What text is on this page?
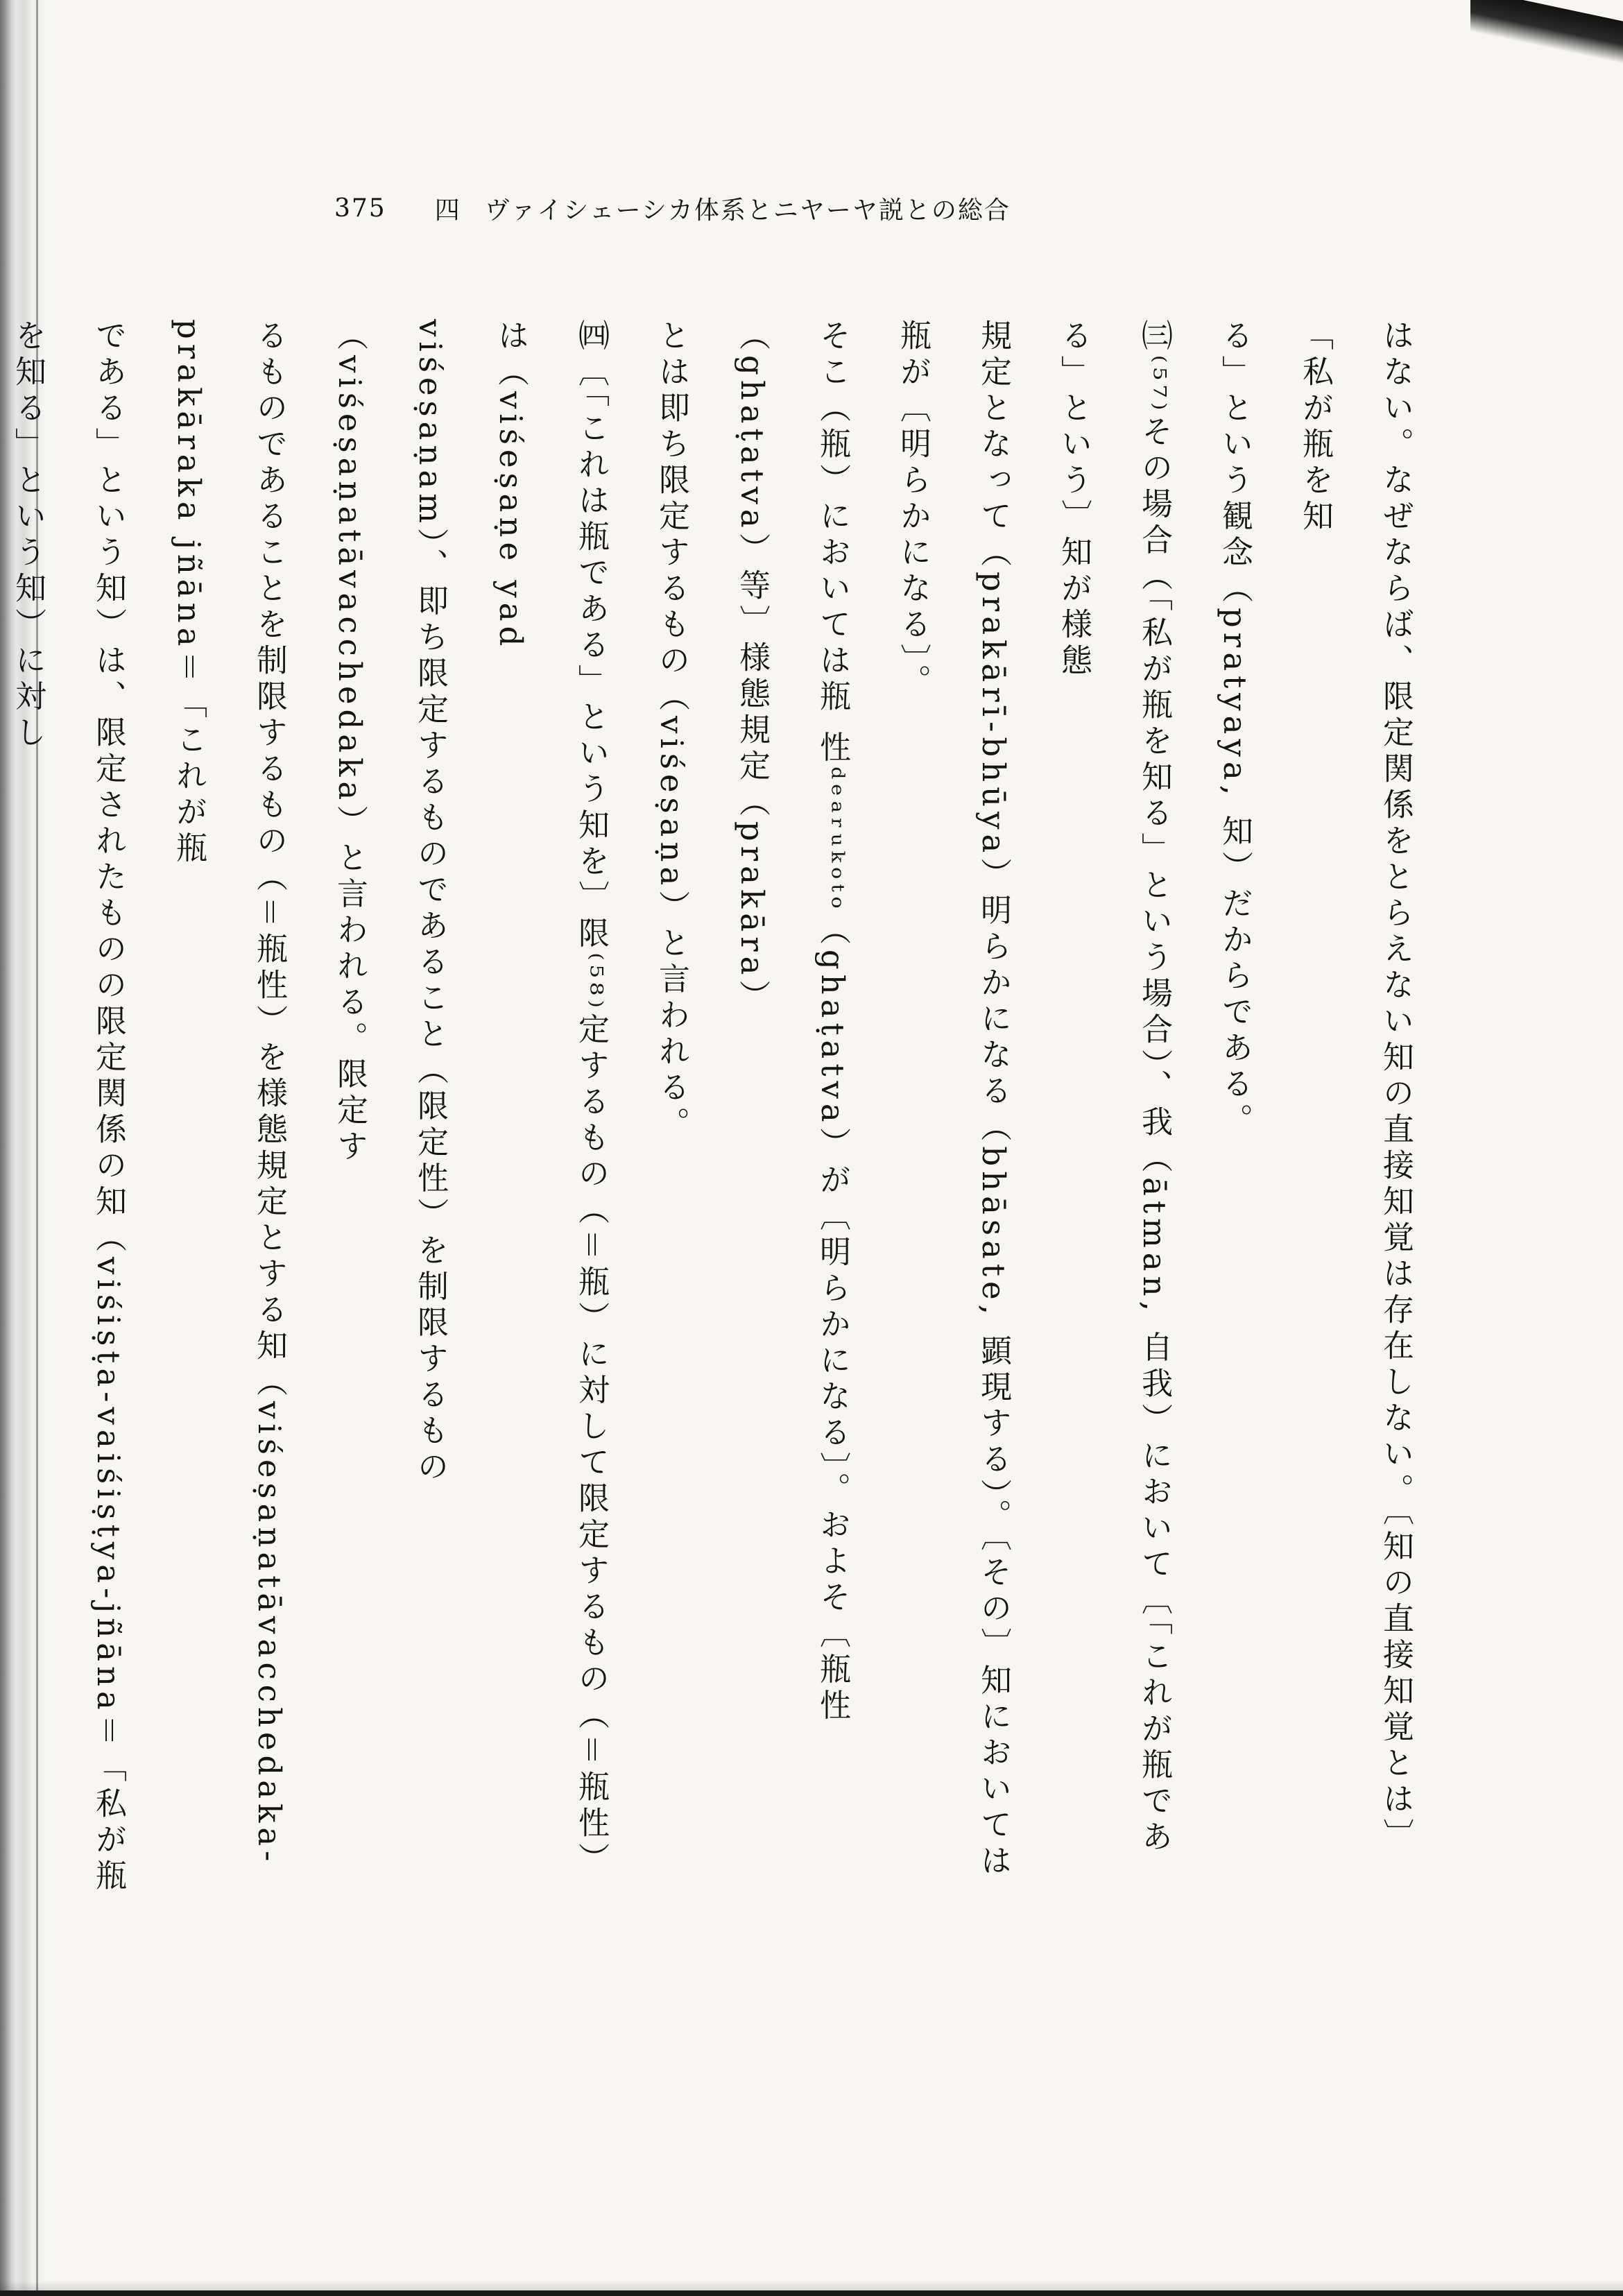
375 四 ヴァイシェーシカ体系とニヤーヤ説との総合
はない。なぜならば、限定関係をとらえない知の直接知覚は存在しない。〔知の直接知覚とは〕「私が瓶を知
る」という観念（pratyaya, 知）だからである。
㈢⁽⁵⁷⁾その場合（「私が瓶を知る」という場合）、我（ātman, 自我）において〔「これが瓶である」という〕知が様態
規定となって（prakārī-bhūya）明らかになる（bhāsate, 顕現する）。〔その〕知においては瓶が〔明らかになる〕。
そこ（瓶）においては瓶 性ᵈᵉᵃʳᵘᵏᵒᵗᵒ（ghaṭatva）が〔明らかになる〕。およそ〔瓶性（ghaṭatva）等〕様態規定（prakāra）
とは即ち限定するもの（viśeṣaṇa）と言われる。
㈣〔「これは瓶である」という知を〕限⁽⁵⁸⁾定するもの（＝瓶）に対して限定するもの（＝瓶性）は（viśeṣaṇe yad
viśeṣaṇam）、即ち限定するものであること（限定性）を制限するもの（viśeṣaṇatāvacchedaka）と言われる。限定す
るものであることを制限するもの（＝瓶性）を様態規定とする知（viśeṣaṇatāvacchedaka-prakāraka jñāna＝「これが瓶
である」という知）は、限定されたものの限定関係の知（viśiṣṭa-vaiśiṣṭya-jñāna＝「私が瓶を知る」という知）に対し
